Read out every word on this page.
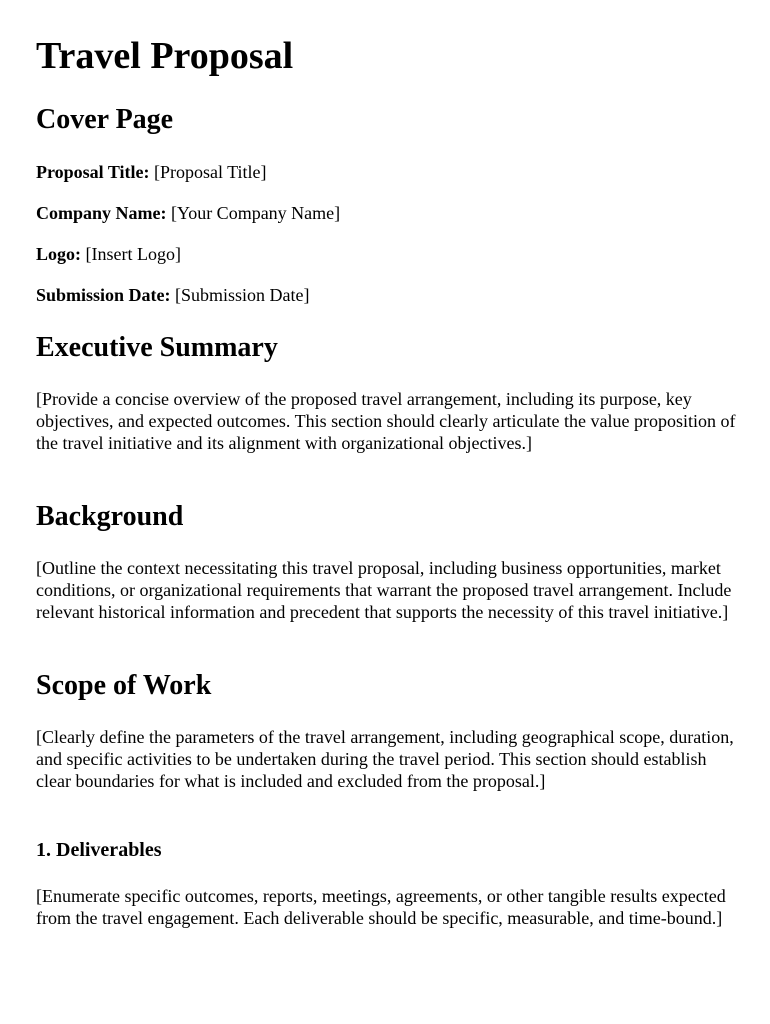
Travel Proposal
Cover Page
Proposal Title: [Proposal Title]
Company Name: [Your Company Name]
Logo: [Insert Logo]
Submission Date: [Submission Date]
Executive Summary

[Provide a concise overview of the proposed travel arrangement, including its purpose, key objectives, and expected outcomes. This section should clearly articulate the value proposition of the travel initiative and its alignment with organizational objectives.]

Background

[Outline the context necessitating this travel proposal, including business opportunities, market conditions, or organizational requirements that warrant the proposed travel arrangement. Include relevant historical information and precedent that supports the necessity of this travel initiative.]

Scope of Work

[Clearly define the parameters of the travel arrangement, including geographical scope, duration, and specific activities to be undertaken during the travel period. This section should establish clear boundaries for what is included and excluded from the proposal.]

1. Deliverables

[Enumerate specific outcomes, reports, meetings, agreements, or other tangible results expected from the travel engagement. Each deliverable should be specific, measurable, and time-bound.]
